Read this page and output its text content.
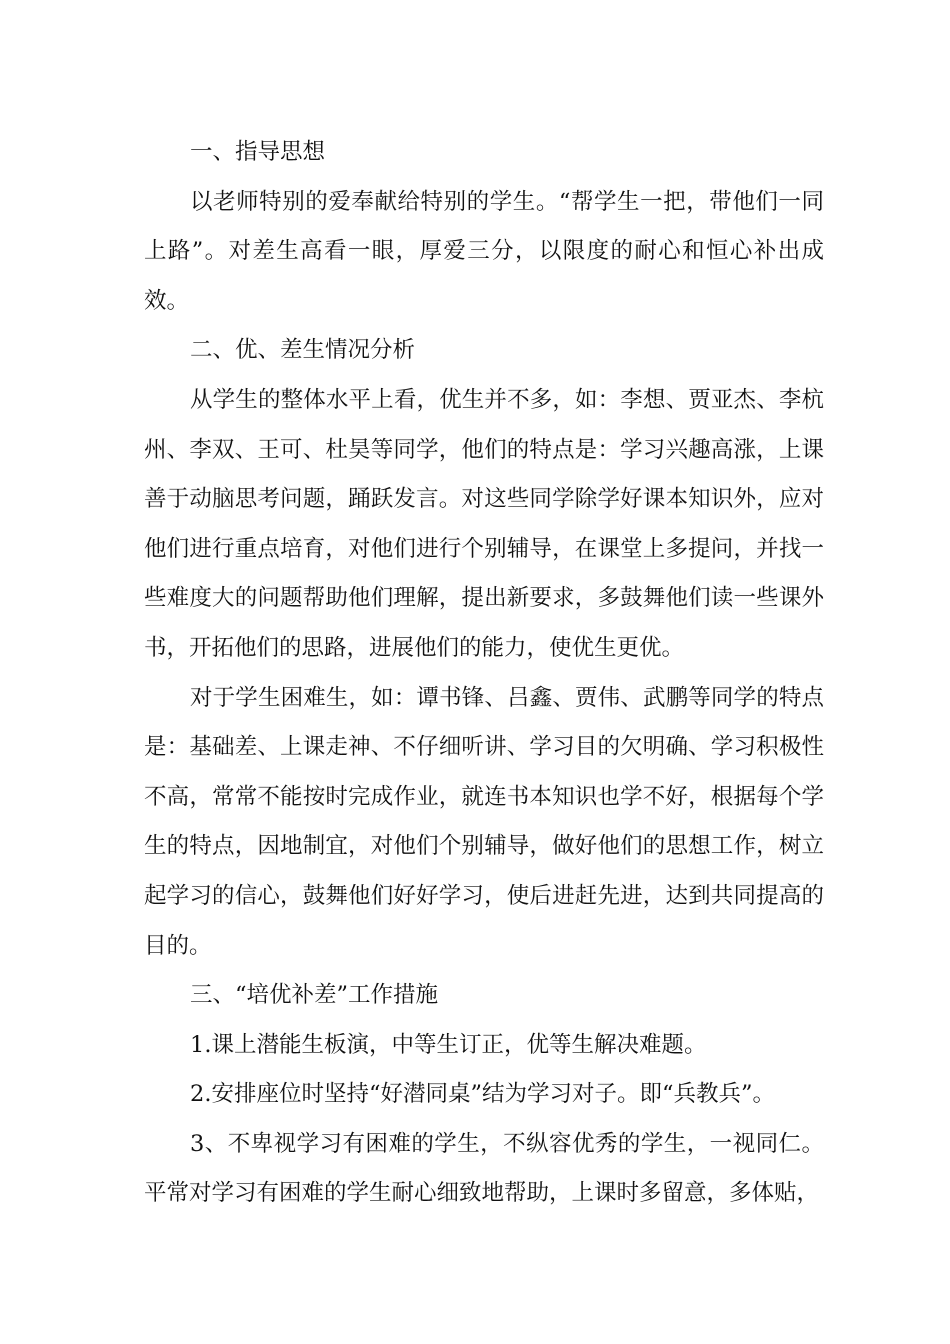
一、指导思想

以老师特别的爱奉献给特别的学生。“帮学生一把，带他们一同上路”。对差生高看一眼，厚爱三分，以限度的耐心和恒心补出成效。

二、优、差生情况分析

从学生的整体水平上看，优生并不多，如：李想、贾亚杰、李杭州、李双、王可、杜昊等同学，他们的特点是：学习兴趣高涨，上课善于动脑思考问题，踊跃发言。对这些同学除学好课本知识外，应对他们进行重点培育，对他们进行个别辅导，在课堂上多提问，并找一些难度大的问题帮助他们理解，提出新要求，多鼓舞他们读一些课外书，开拓他们的思路，进展他们的能力，使优生更优。

对于学生困难生，如：谭书锋、吕鑫、贾伟、武鹏等同学的特点是：基础差、上课走神、不仔细听讲、学习目的欠明确、学习积极性不高，常常不能按时完成作业，就连书本知识也学不好，根据每个学生的特点，因地制宜，对他们个别辅导，做好他们的思想工作，树立起学习的信心，鼓舞他们好好学习，使后进赶先进，达到共同提高的目的。

三、“培优补差”工作措施

1.课上潜能生板演，中等生订正，优等生解决难题。

2.安排座位时坚持“好潜同桌”结为学习对子。即“兵教兵”。

3、不卑视学习有困难的学生，不纵容优秀的学生，一视同仁。平常对学习有困难的学生耐心细致地帮助，上课时多留意，多体贴，
